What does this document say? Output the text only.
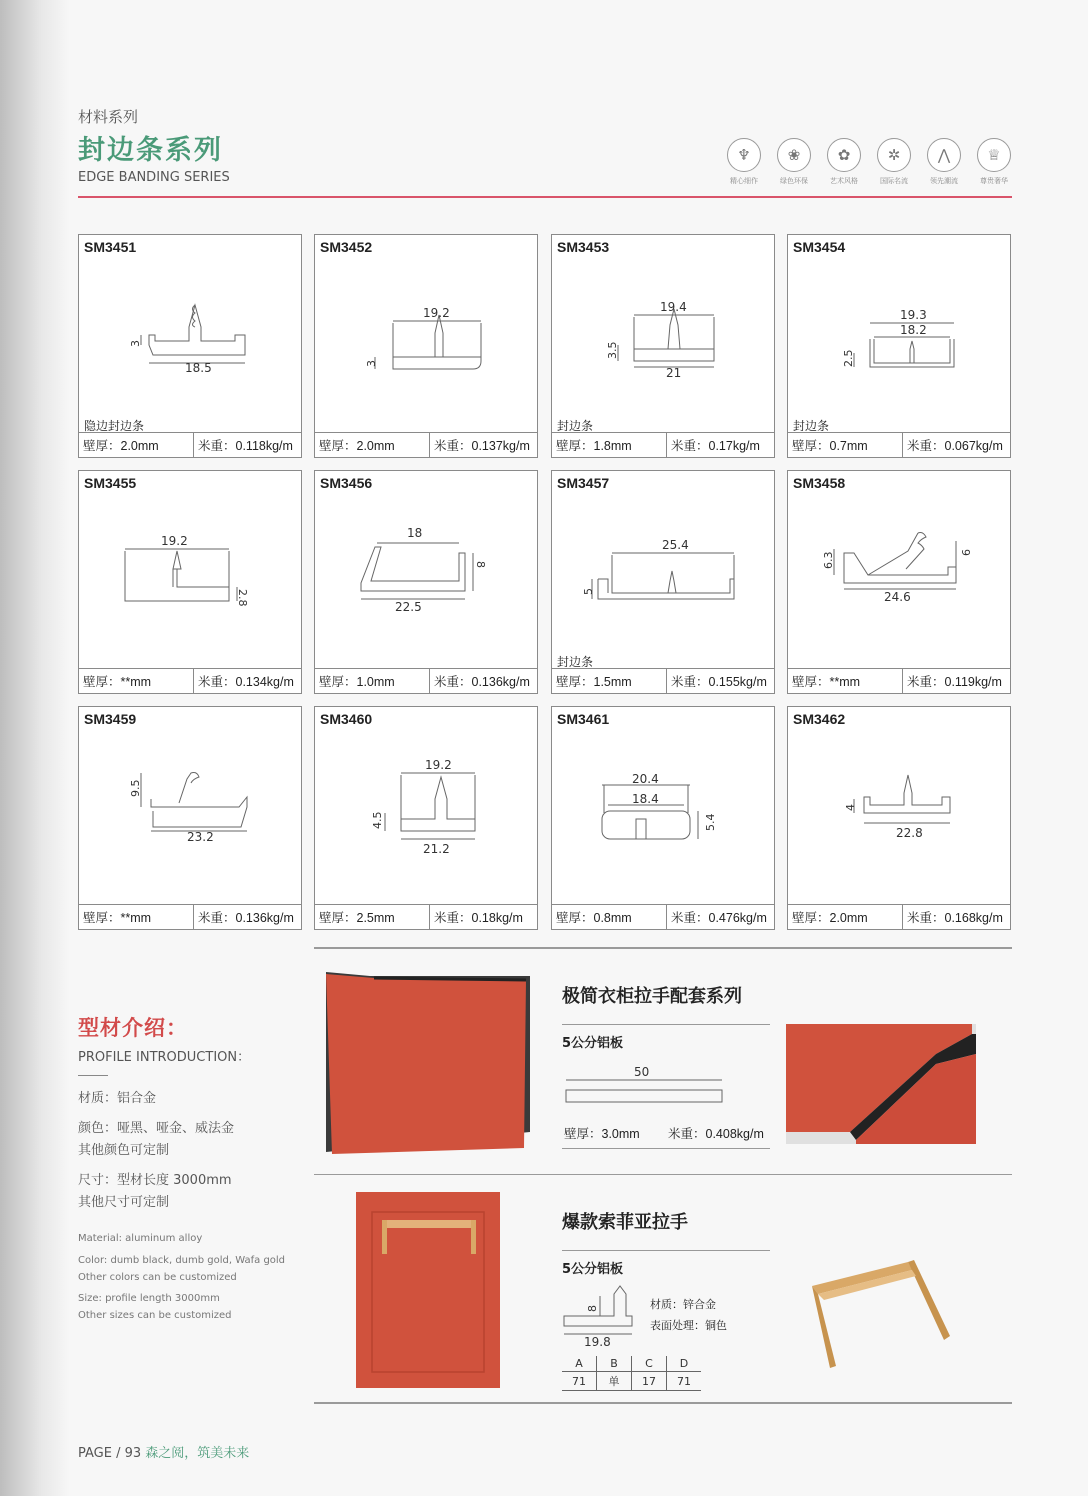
材料系列
封边条系列
EDGE BANDING SERIES
♆
精心细作
❀
绿色环保
✿
艺术风格
✲
国际名流
⋀
领先潮流
♕
尊贵奢华
3
18.5
SM3451
隐边封边条
壁厚：2.0mm	米重：0.118kg/m
19.2
3
SM3452
壁厚：2.0mm	米重：0.137kg/m
19.4
3.5
21
SM3453
封边条
壁厚：1.8mm	米重：0.17kg/m
19.3
18.2
2.5
SM3454
封边条
壁厚：0.7mm	米重：0.067kg/m
19.2
2.8
SM3455
壁厚：**mm	米重：0.134kg/m
18
8
22.5
SM3456
壁厚：1.0mm	米重：0.136kg/m
25.4
5
SM3457
封边条
壁厚：1.5mm	米重：0.155kg/m
6.3	9
24.6
SM3458
壁厚：**mm	米重：0.119kg/m
9.5
23.2
SM3459
壁厚：**mm	米重：0.136kg/m
19.2
4.5
21.2
SM3460
壁厚：2.5mm	米重：0.18kg/m
20.4
18.4
5.4
SM3461
壁厚：0.8mm	米重：0.476kg/m
4
22.8
SM3462
壁厚：2.0mm	米重：0.168kg/m
型材介绍：
PROFILE INTRODUCTION：
材质：铝合金
颜色：哑黑、哑金、威法金
其他颜色可定制
尺寸：型材长度 3000mm
其他尺寸可定制
Material: aluminum alloy
Color: dumb black, dumb gold, Wafa gold
Other colors can be customized
Size: profile length 3000mm
Other sizes can be customized
极简衣柜拉手配套系列
5公分铝板
50
壁厚：3.0mm 米重：0.408kg/m
爆款索菲亚拉手
5公分铝板
8
19.8
材质：锌合金
表面处理：铜色
A	B	C	D
71	单	17	71
PAGE / 93 森之阅，筑美未来
